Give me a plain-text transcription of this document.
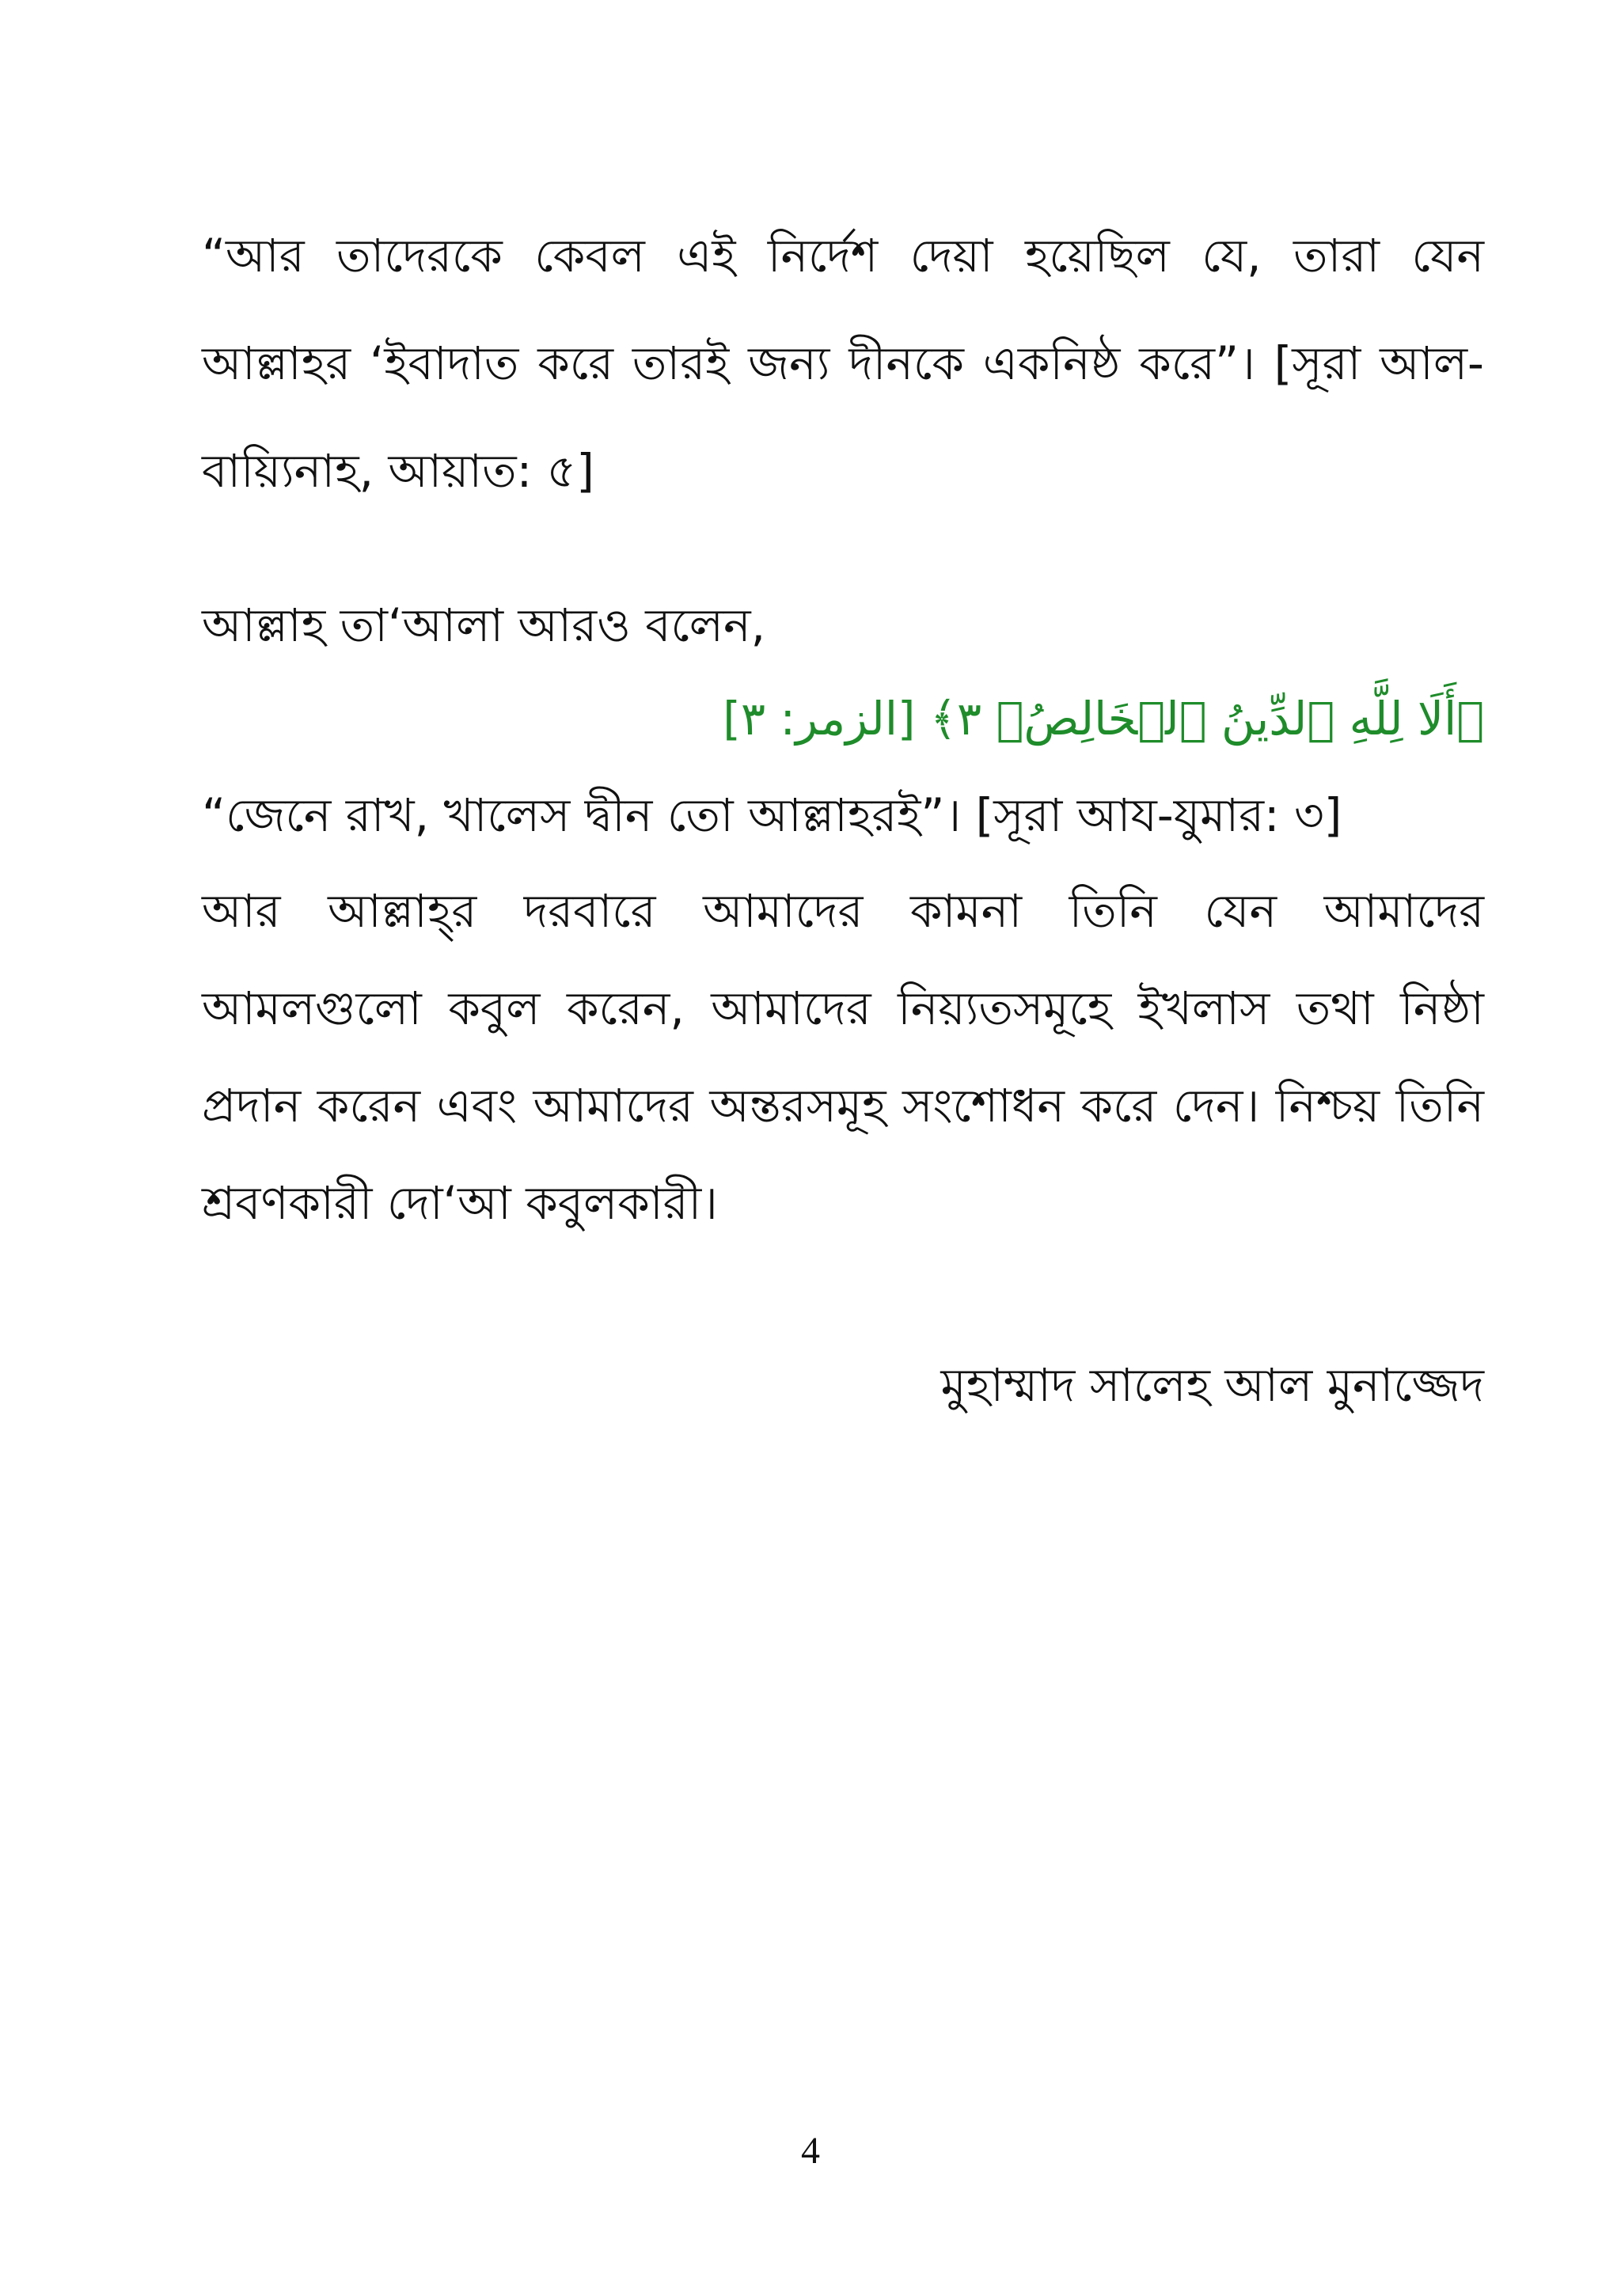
“আর তাদেরকে কেবল এই নির্দেশ দেয়া হয়েছিল যে, তারা যেন আল্লাহর ‘ইবাদাত করে তারই জন্য দীনকে একনিষ্ঠ করে”। [সূরা আল-বায়্যিনাহ, আয়াত: ৫]

আল্লাহ তা‘আলা আরও বলেন,

﴿أَلَا لِلَّهِ ٱلدِّينُ ٱلۡخَالِصُۚ ٣﴾ [الزمر: ٣]

“জেনে রাখ, খালেস দ্বীন তো আল্লাহরই”। [সূরা আয-যুমার: ৩]

আর আল্লাহ্‌র দরবারে আমাদের কামনা তিনি যেন আমাদের আমলগুলো কবুল করেন, আমাদের নিয়্যতসমূহে ইখলাস তথা নিষ্ঠা প্রদান করেন এবং আমাদের অন্তরসমূহ সংশোধন করে দেন। নিশ্চয় তিনি শ্রবণকারী দো‘আ কবুলকারী।

মুহাম্মাদ সালেহ আল মুনাজ্জেদ

4
